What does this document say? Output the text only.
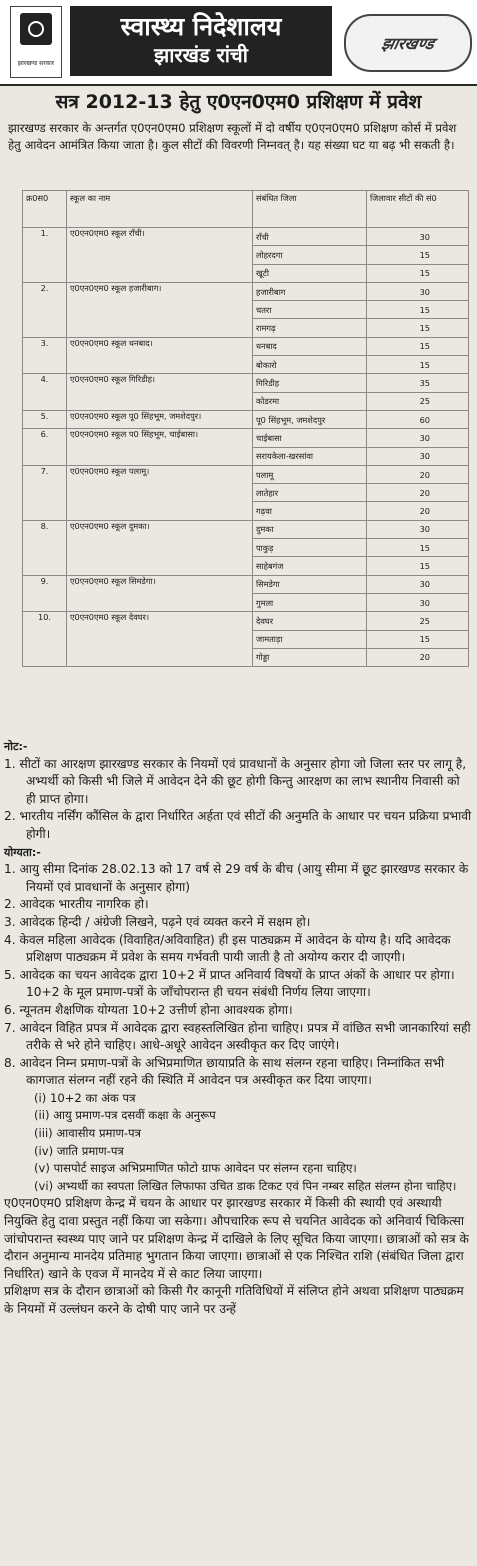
झारखण्ड सरकार
स्वास्थ्य निदेशालय
झारखंड रांची	झारखण्ड
सत्र 2012-13 हेतु ए0एन0एम0 प्रशिक्षण में प्रवेश
झारखण्ड सरकार के अन्तर्गत ए0एन0एम0 प्रशिक्षण स्कूलों में दो वर्षीय ए0एन0एम0 प्रशिक्षण कोर्स में प्रवेश हेतु आवेदन आमंत्रित किया जाता है। कुल सीटों की विवरणी निम्नवत् है। यह संख्या घट या बढ़ भी सकती है।
क्र0स0	स्कूल का नाम	संबंधित जिला	जिलावार सीटों की सं0
1.	ए0एन0एम0 स्कूल राँची।	राँची	30
		लोहरदगा	15
		खूटी	15
2.	ए0एन0एम0 स्कूल हजारीबाग।	हजारीबाग	30
		चतरा	15
		रामगढ़	15
3.	ए0एन0एम0 स्कूल धनबाद।	धनबाद	15
		बोकारो	15
4.	ए0एन0एम0 स्कूल गिरिडीह।	गिरिडीह	35
		कोडरमा	25
5.	ए0एन0एम0 स्कूल पू0 सिंहभूम, जमशेदपुर।	पू0 सिंहभूम, जमशेदपुर	60
6.	ए0एन0एम0 स्कूल प0 सिंहभूम, चाईबासा।	चाईबासा	30
		सरायकेला-खरसांवा	30
7.	ए0एन0एम0 स्कूल पलामू।	पलामू	20
		लातेहार	20
		गढ़वा	20
8.	ए0एन0एम0 स्कूल दुमका।	दुमका	30
		पाकुड़	15
		साहेबगंज	15
9.	ए0एन0एम0 स्कूल सिमडेगा।	सिमडेगा	30
		गुमला	30
10.	ए0एन0एम0 स्कूल देवघर।	देवघर	25
		जामताड़ा	15
		गोड्डा	20

नोट:-

1. सीटों का आरक्षण झारखण्ड सरकार के नियमों एवं प्रावधानों के अनुसार होगा जो जिला स्तर पर लागू है, अभ्यर्थी को किसी भी जिले में आवेदन देने की छूट होगी किन्तु आरक्षण का लाभ स्थानीय निवासी को ही प्राप्त होगा।

2. भारतीय नर्सिंग कौंसिल के द्वारा निर्धारित अर्हता एवं सीटों की अनुमति के आधार पर चयन प्रक्रिया प्रभावी होगी।

योग्यता:-

1. आयु सीमा दिनांक 28.02.13 को 17 वर्ष से 29 वर्ष के बीच (आयु सीमा में छूट झारखण्ड सरकार के नियमों एवं प्रावधानों के अनुसार होगा)

2. आवेदक भारतीय नागरिक हो।

3. आवेदक हिन्दी / अंग्रेजी लिखने, पढ़ने एवं व्यक्त करने में सक्षम हो।

4. केवल महिला आवेदक (विवाहित/अविवाहित) ही इस पाठ्यक्रम में आवेदन के योग्य है। यदि आवेदक प्रशिक्षण पाठ्यक्रम में प्रवेश के समय गर्भवती पायी जाती है तो अयोग्य करार दी जाएगी।

5. आवेदक का चयन आवेदक द्वारा 10+2 में प्राप्त अनिवार्य विषयों के प्राप्त अंकों के आधार पर होगा। 10+2 के मूल प्रमाण-पत्रों के जाँचोपरान्त ही चयन संबंधी निर्णय लिया जाएगा।

6. न्यूनतम शैक्षणिक योग्यता 10+2 उत्तीर्ण होना आवश्यक होगा।

7. आवेदन विहित प्रपत्र में आवेदक द्वारा स्वहस्तलिखित होना चाहिए। प्रपत्र में वांछित सभी जानकारियां सही तरीके से भरे होने चाहिए। आधे-अधूरे आवेदन अस्वीकृत कर दिए जाएंगे।

8. आवेदन निम्न प्रमाण-पत्रों के अभिप्रमाणित छायाप्रति के साथ संलग्न रहना चाहिए। निम्नांकित सभी कागजात संलग्न नहीं रहने की स्थिति में आवेदन पत्र अस्वीकृत कर दिया जाएगा।

(i) 10+2 का अंक पत्र

(ii) आयु प्रमाण-पत्र दसवीं कक्षा के अनुरूप

(iii) आवासीय प्रमाण-पत्र

(iv) जाति प्रमाण-पत्र

(v) पासपोर्ट साइज अभिप्रमाणित फोटो ग्राफ आवेदन पर संलग्न रहना चाहिए।

(vi) अभ्यर्थी का स्वपता लिखित लिफाफा उचित डाक टिकट एवं पिन नम्बर सहित संलग्न होना चाहिए।

ए0एन0एम0 प्रशिक्षण केन्द्र में चयन के आधार पर झारखण्ड सरकार में किसी की स्थायी एवं अस्थायी नियुक्ति हेतु दावा प्रस्तुत नहीं किया जा सकेगा। औपचारिक रूप से चयनित आवेदक को अनिवार्य चिकित्सा जांचोपरान्त स्वस्थ्य पाए जाने पर प्रशिक्षण केन्द्र में दाखिले के लिए सूचित किया जाएगा। छात्राओं को सत्र के दौरान अनुमान्य मानदेय प्रतिमाह भुगतान किया जाएगा। छात्राओं से एक निश्चित राशि (संबंधित जिला द्वारा निर्धारित) खाने के एवज में मानदेय में से काट लिया जाएगा।

प्रशिक्षण सत्र के दौरान छात्राओं को किसी गैर कानूनी गतिविधियों में संलिप्त होने अथवा प्रशिक्षण पाठ्यक्रम के नियमों में उल्लंघन करने के दोषी पाए जाने पर उन्हें
